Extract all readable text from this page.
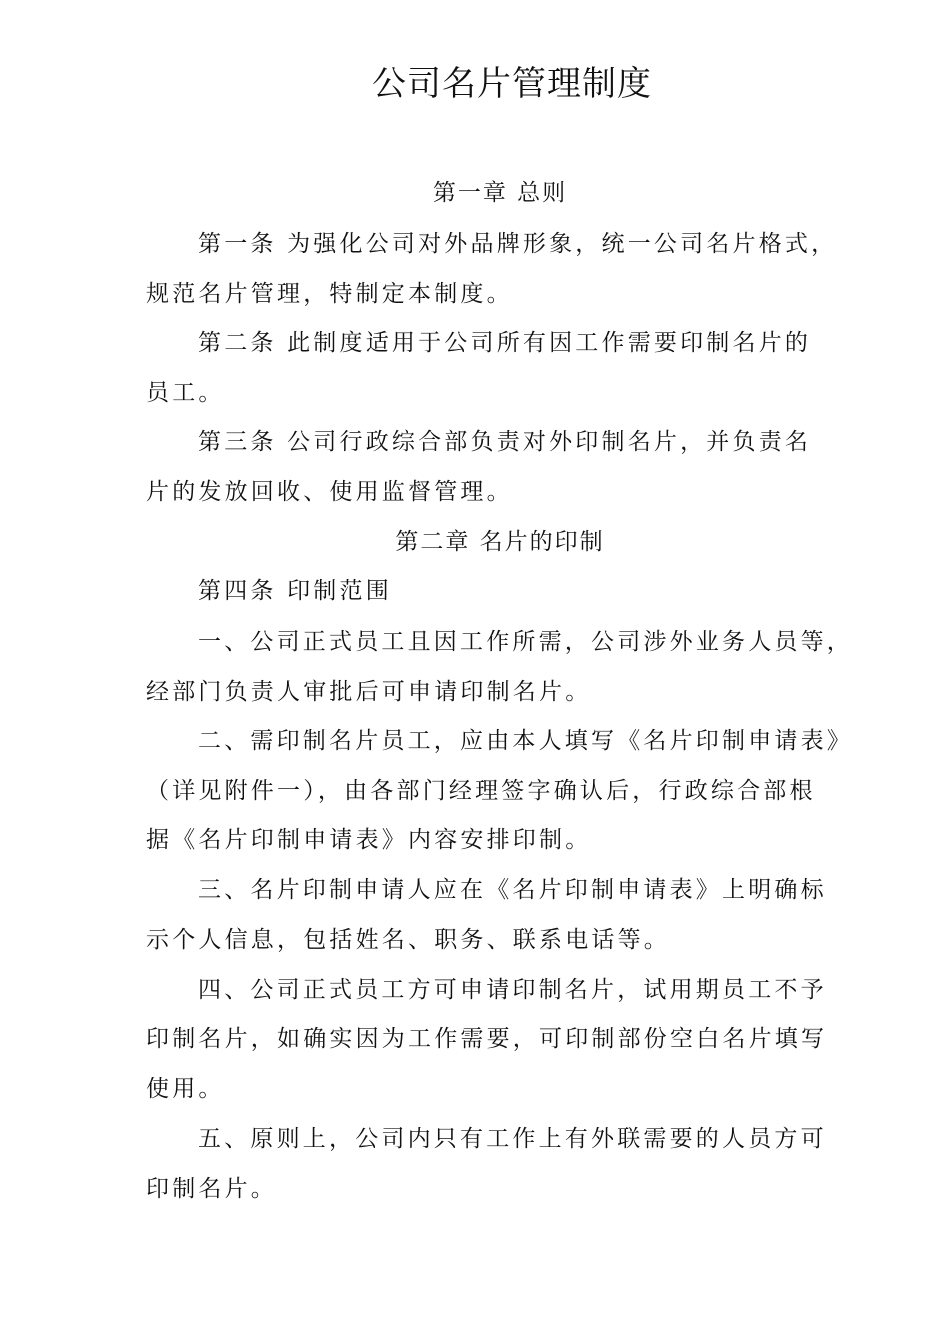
公司名片管理制度
第一章 总则
第一条 为强化公司对外品牌形象，统一公司名片格式，
规范名片管理，特制定本制度。
第二条 此制度适用于公司所有因工作需要印制名片的
员工。
第三条 公司行政综合部负责对外印制名片，并负责名
片的发放回收、使用监督管理。
第二章 名片的印制
第四条 印制范围
一、公司正式员工且因工作所需，公司涉外业务人员等，
经部门负责人审批后可申请印制名片。
二、需印制名片员工，应由本人填写《名片印制申请表》
（详见附件一），由各部门经理签字确认后，行政综合部根
据《名片印制申请表》内容安排印制。
三、名片印制申请人应在《名片印制申请表》上明确标
示个人信息，包括姓名、职务、联系电话等。
四、公司正式员工方可申请印制名片，试用期员工不予
印制名片，如确实因为工作需要，可印制部份空白名片填写
使用。
五、原则上，公司内只有工作上有外联需要的人员方可
印制名片。
